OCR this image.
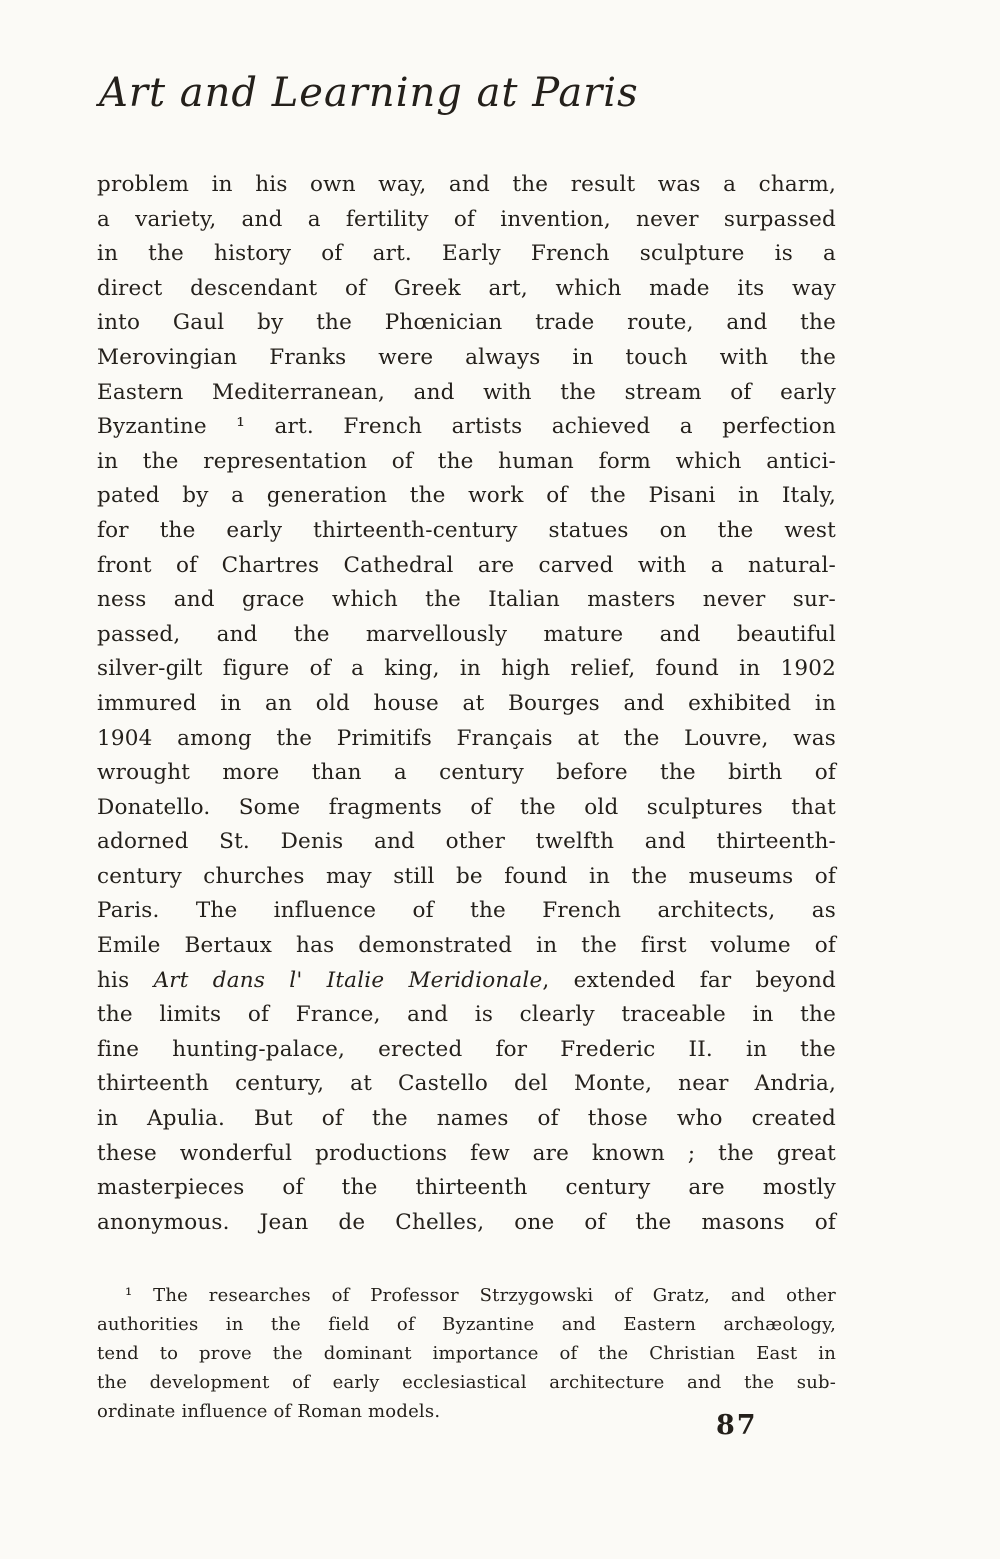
Art and Learning at Paris
problem in his own way, and the result was a charm,
a variety, and a fertility of invention, never surpassed
in the history of art. Early French sculpture is a
direct descendant of Greek art, which made its way
into Gaul by the Phœnician trade route, and the
Merovingian Franks were always in touch with the
Eastern Mediterranean, and with the stream of early
Byzantine ¹ art. French artists achieved a perfection
in the representation of the human form which antici-
pated by a generation the work of the Pisani in Italy,
for the early thirteenth-century statues on the west
front of Chartres Cathedral are carved with a natural-
ness and grace which the Italian masters never sur-
passed, and the marvellously mature and beautiful
silver-gilt figure of a king, in high relief, found in 1902
immured in an old house at Bourges and exhibited in
1904 among the Primitifs Français at the Louvre, was
wrought more than a century before the birth of
Donatello. Some fragments of the old sculptures that
adorned St. Denis and other twelfth and thirteenth-
century churches may still be found in the museums of
Paris. The influence of the French architects, as
Emile Bertaux has demonstrated in the first volume of
his Art dans l' Italie Meridionale, extended far beyond
the limits of France, and is clearly traceable in the
fine hunting-palace, erected for Frederic II. in the
thirteenth century, at Castello del Monte, near Andria,
in Apulia. But of the names of those who created
these wonderful productions few are known ; the great
masterpieces of the thirteenth century are mostly
anonymous. Jean de Chelles, one of the masons of
¹ The researches of Professor Strzygowski of Gratz, and other
authorities in the field of Byzantine and Eastern archæology,
tend to prove the dominant importance of the Christian East in
the development of early ecclesiastical architecture and the sub-
ordinate influence of Roman models.	87
